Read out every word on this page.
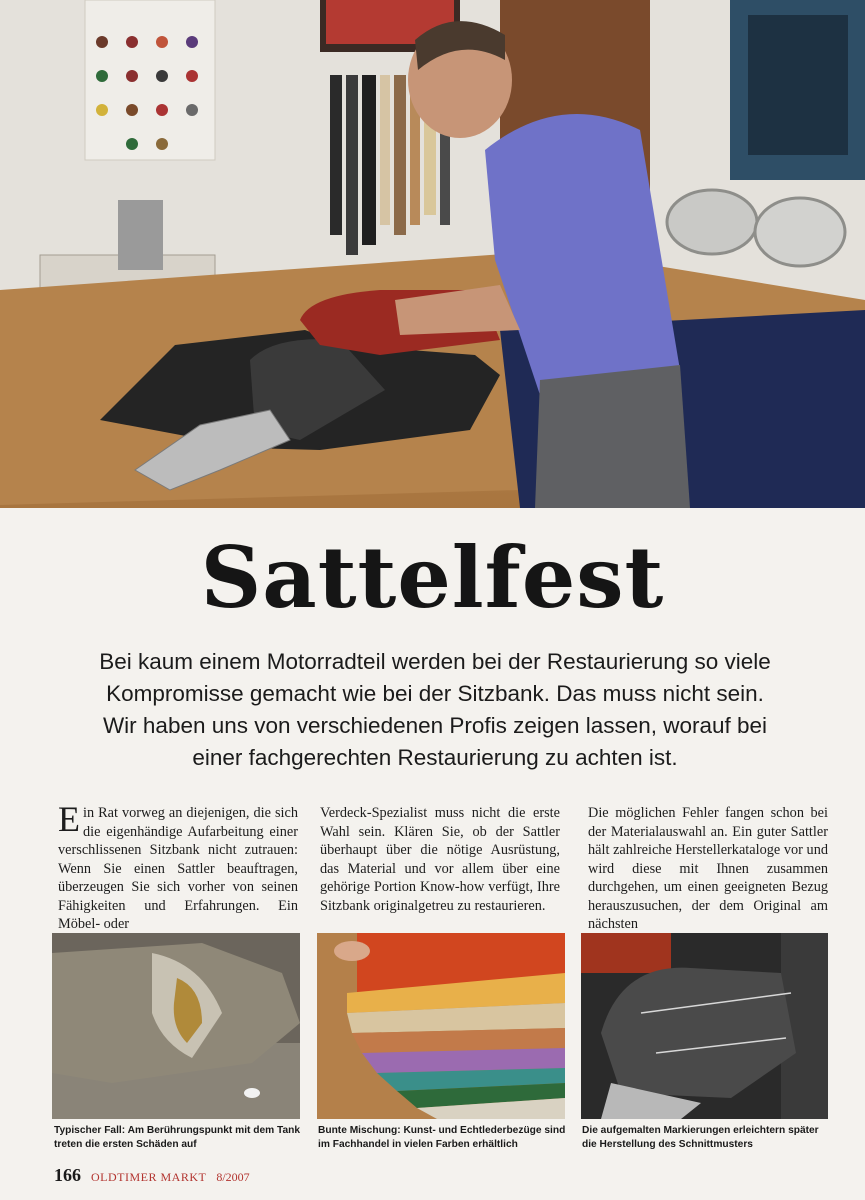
Sattelfest

Bei kaum einem Motorradteil werden bei der Restaurierung so viele Kompromisse gemacht wie bei der Sitzbank. Das muss nicht sein. Wir haben uns von verschiedenen Profis zeigen lassen, worauf bei einer fachgerechten Restaurierung zu achten ist.

Ein Rat vorweg an diejenigen, die sich die eigenhändige Aufarbeitung einer verschlissenen Sitzbank nicht zutrauen: Wenn Sie einen Sattler beauftragen, überzeugen Sie sich vorher von seinen Fähigkeiten und Erfahrungen. Ein Möbel- oder

Verdeck-Spezialist muss nicht die erste Wahl sein. Klären Sie, ob der Sattler überhaupt über die nötige Ausrüstung, das Material und vor allem über eine gehörige Portion Know-how verfügt, Ihre Sitzbank originalgetreu zu restaurieren.

Die möglichen Fehler fangen schon bei der Materialauswahl an. Ein guter Sattler hält zahlreiche Herstellerkataloge vor und wird diese mit Ihnen zusammen durchgehen, um einen geeigneten Bezug herauszusuchen, der dem Original am nächsten

Typischer Fall: Am Berührungspunkt mit dem Tank treten die ersten Schäden auf

Bunte Mischung: Kunst- und Echtlederbezüge sind im Fachhandel in vielen Farben erhältlich

Die aufgemalten Markierungen erleichtern später die Herstellung des Schnittmusters

166 OLDTIMER MARKT 8/2007
